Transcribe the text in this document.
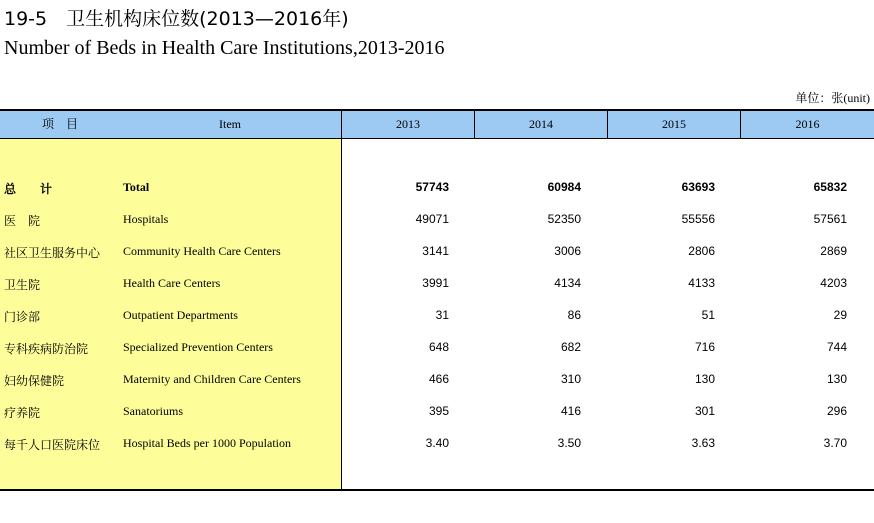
19-5　卫生机构床位数(2013—2016年)
Number of Beds in Health Care Institutions,2013-2016
单位：张(unit)
项　目	Item	2013	2014	2015	2016
总　　计	Total	57743	60984	63693	65832
医　院	Hospitals	49071	52350	55556	57561
社区卫生服务中心 Community Health Care Centers	3141	3006	2806	2869
卫生院	Health Care Centers	3991	4134	4133	4203
门诊部	Outpatient Departments	31	86	51	29
专科疾病防治院	Specialized Prevention Centers	648	682	716	744
妇幼保健院	Maternity and Children Care Centers	466	310	130	130
疗养院	Sanatoriums	395	416	301	296
每千人口医院床位 Hospital Beds per 1000 Population	3.40	3.50	3.63	3.70
